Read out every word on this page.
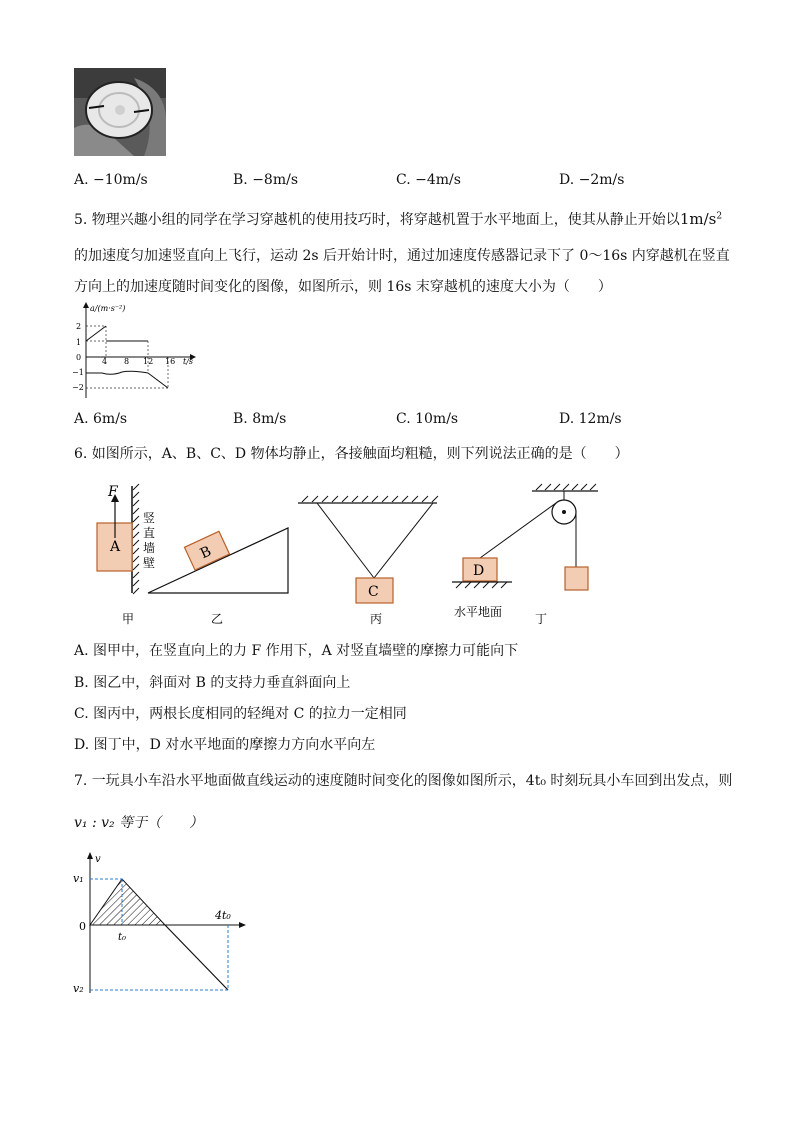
A. −10m/s	B. −8m/s	C. −4m/s	D. −2m/s
5. 物理兴趣小组的同学在学习穿越机的使用技巧时，将穿越机置于水平地面上，使其从静止开始以$1m/s^2$
的加速度匀加速竖直向上飞行，运动 2s 后开始计时，通过加速度传感器记录下了 0～16s 内穿越机在竖直
方向上的加速度随时间变化的图像，如图所示，则 16s 末穿越机的速度大小为（　　）
a/(m·s⁻²)
t/s
2
1
0
−1
−2
4 8 12 16
A. 6m/s	B. 8m/s	C. 10m/s	D. 12m/s
6. 如图所示，A、B、C、D 物体均静止，各接触面均粗糙，则下列说法正确的是（　　）
A
F
竖
直
墙
壁
甲
B
乙
C
丙
D
水平地面	丁
A. 图甲中，在竖直向上的力 F 作用下，A 对竖直墙壁的摩擦力可能向下
B. 图乙中，斜面对 B 的支持力垂直斜面向上
C. 图丙中，两根长度相同的轻绳对 C 的拉力一定相同
D. 图丁中，D 对水平地面的摩擦力方向水平向左
7. 一玩具小车沿水平地面做直线运动的速度随时间变化的图像如图所示，4t₀ 时刻玩具小车回到出发点，则
v₁ : v₂ 等于（　　）
v
0
v₁
v₂
t₀
4t₀
